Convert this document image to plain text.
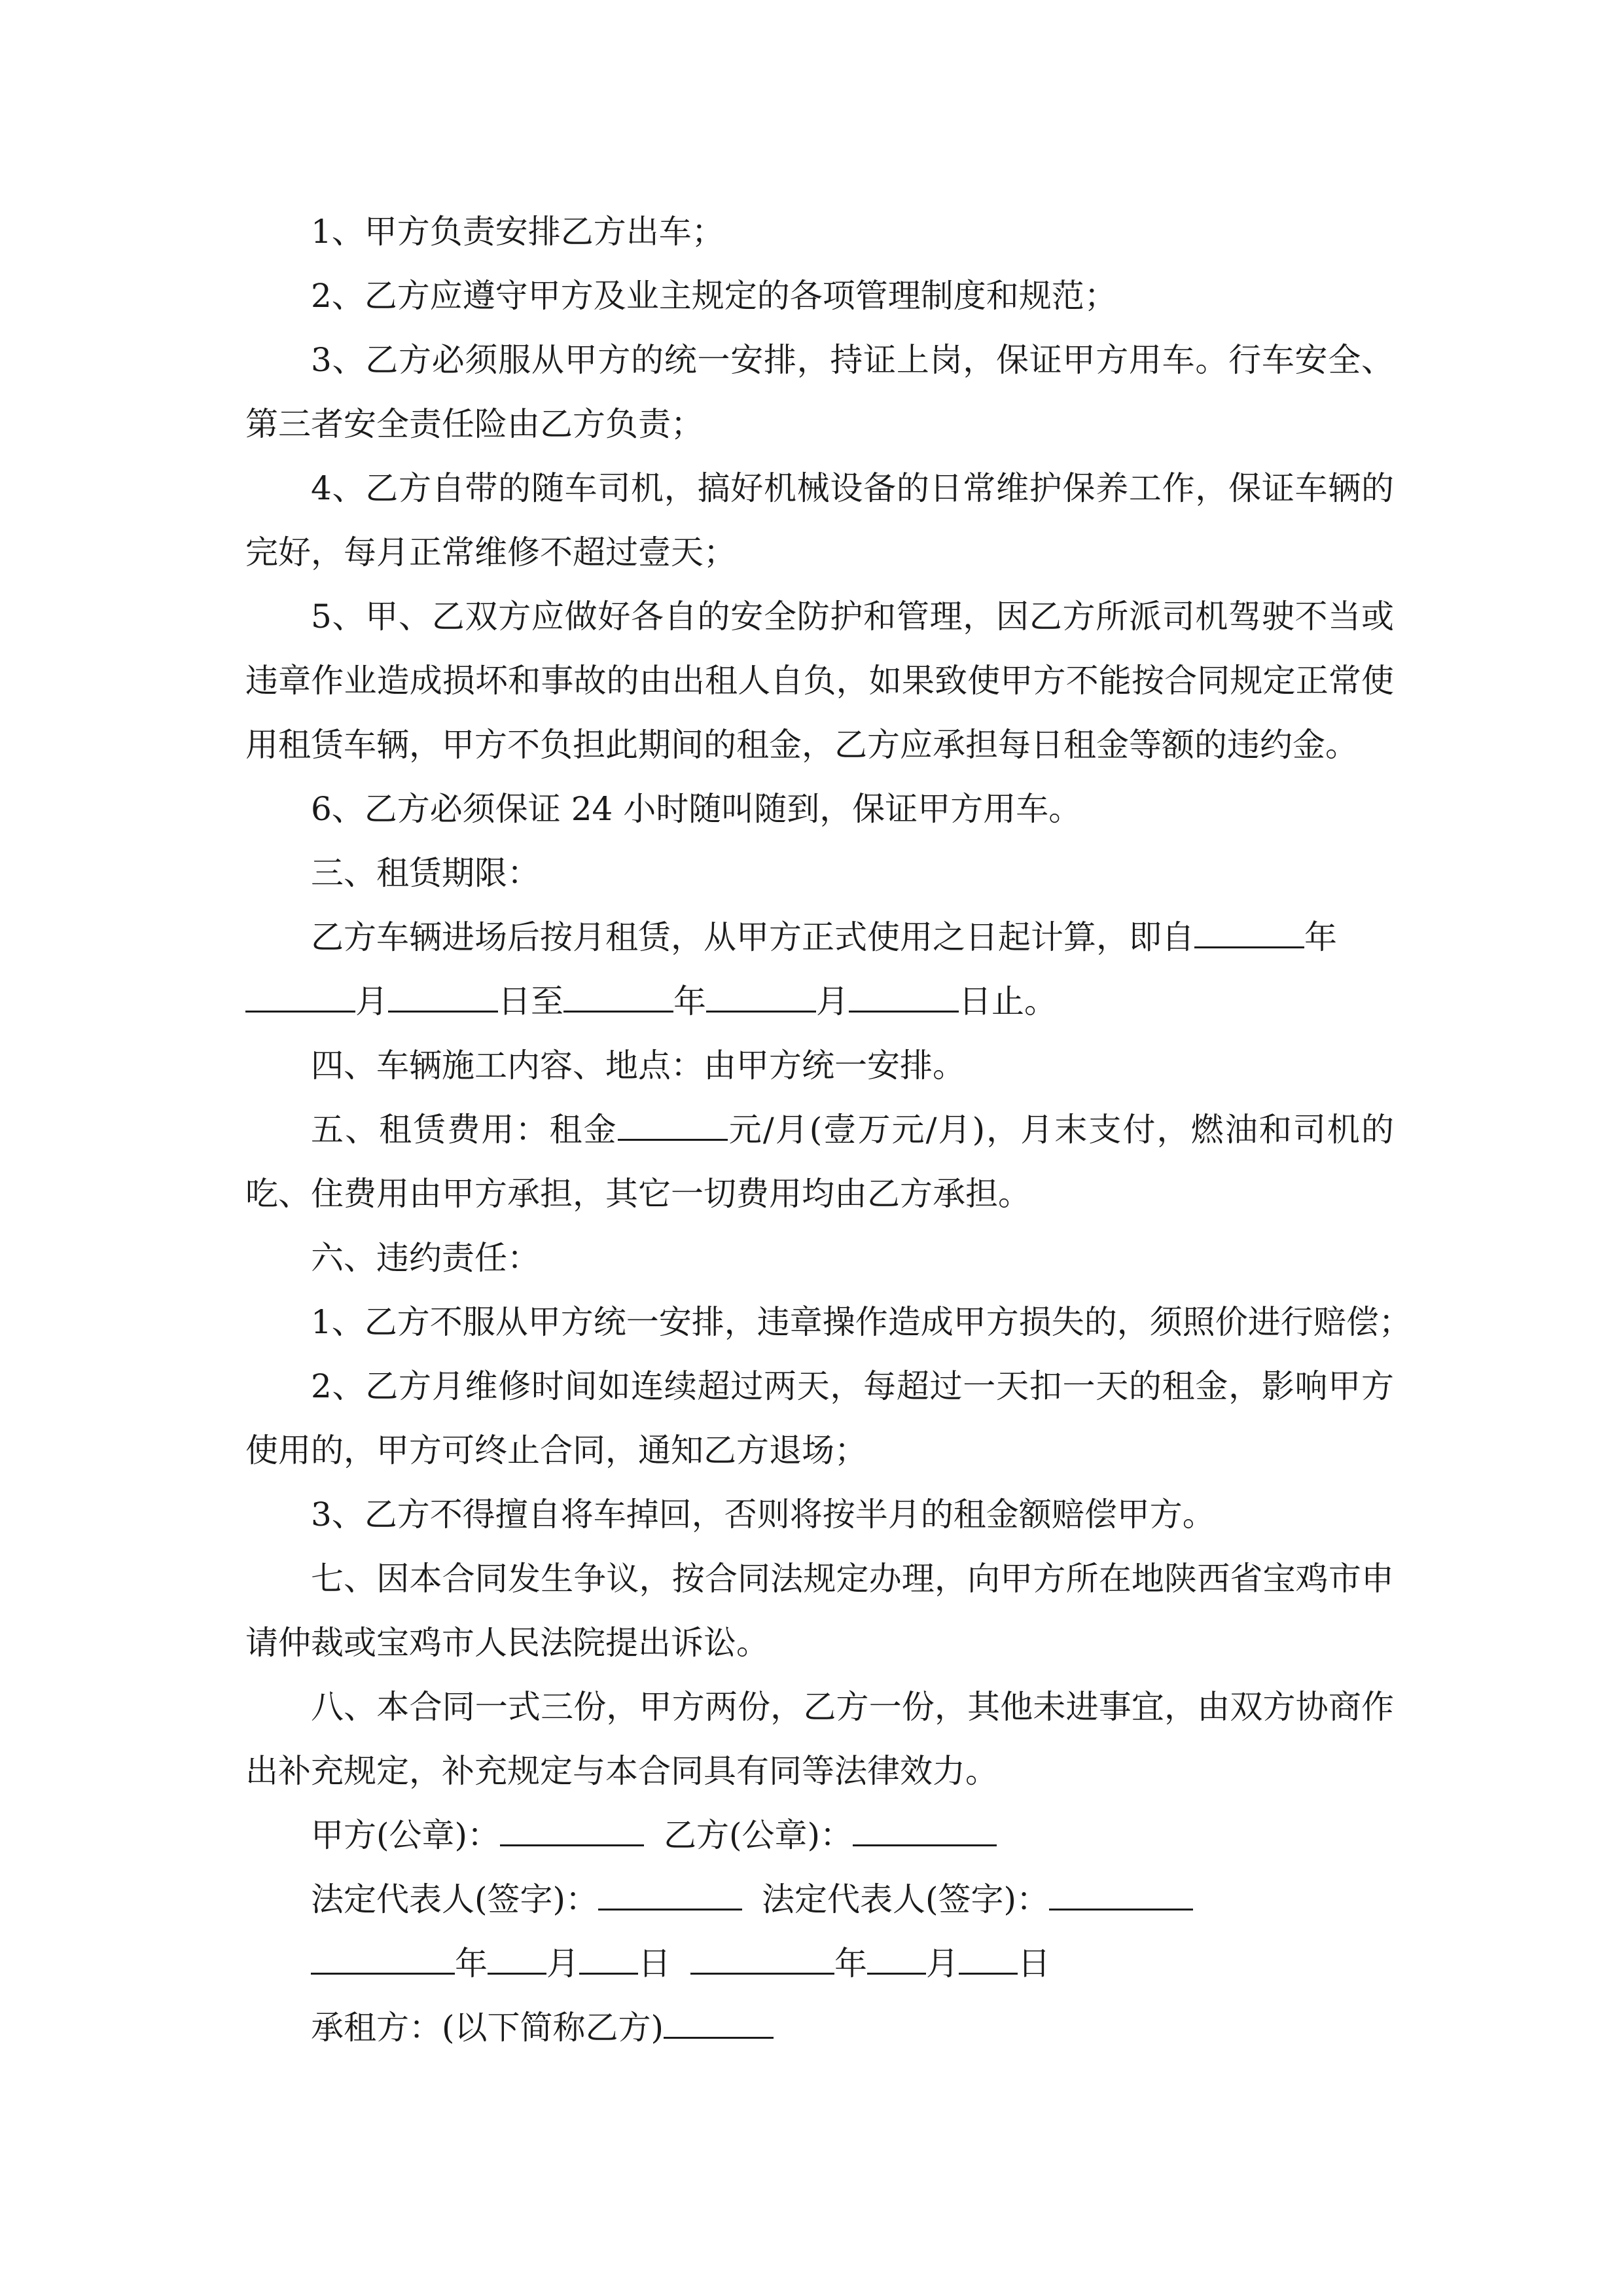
1、甲方负责安排乙方出车；

2、乙方应遵守甲方及业主规定的各项管理制度和规范；

3、乙方必须服从甲方的统一安排，持证上岗，保证甲方用车。行车安全、第三者安全责任险由乙方负责；

4、乙方自带的随车司机，搞好机械设备的日常维护保养工作，保证车辆的完好，每月正常维修不超过壹天；

5、甲、乙双方应做好各自的安全防护和管理，因乙方所派司机驾驶不当或违章作业造成损坏和事故的由出租人自负，如果致使甲方不能按合同规定正常使用租赁车辆，甲方不负担此期间的租金，乙方应承担每日租金等额的违约金。

6、乙方必须保证 24 小时随叫随到，保证甲方用车。

三、租赁期限：

乙方车辆进场后按月租赁，从甲方正式使用之日起计算，即自	年

月	日至	年	月	日止。

四、车辆施工内容、地点：由甲方统一安排。

五、租赁费用：租金	元/月(壹万元/月)，月末支付，燃油和司机的吃、住费用由甲方承担，其它一切费用均由乙方承担。

六、违约责任：

1、乙方不服从甲方统一安排，违章操作造成甲方损失的，须照价进行赔偿；

2、乙方月维修时间如连续超过两天，每超过一天扣一天的租金，影响甲方使用的，甲方可终止合同，通知乙方退场；

3、乙方不得擅自将车掉回，否则将按半月的租金额赔偿甲方。

七、因本合同发生争议，按合同法规定办理，向甲方所在地陕西省宝鸡市申请仲裁或宝鸡市人民法院提出诉讼。

八、本合同一式三份，甲方两份，乙方一份，其他未进事宜，由双方协商作出补充规定，补充规定与本合同具有同等法律效力。

甲方(公章)：	乙方(公章)：

法定代表人(签字)：	法定代表人(签字)：

年 月 日	年 月 日

承租方：(以下简称乙方)
